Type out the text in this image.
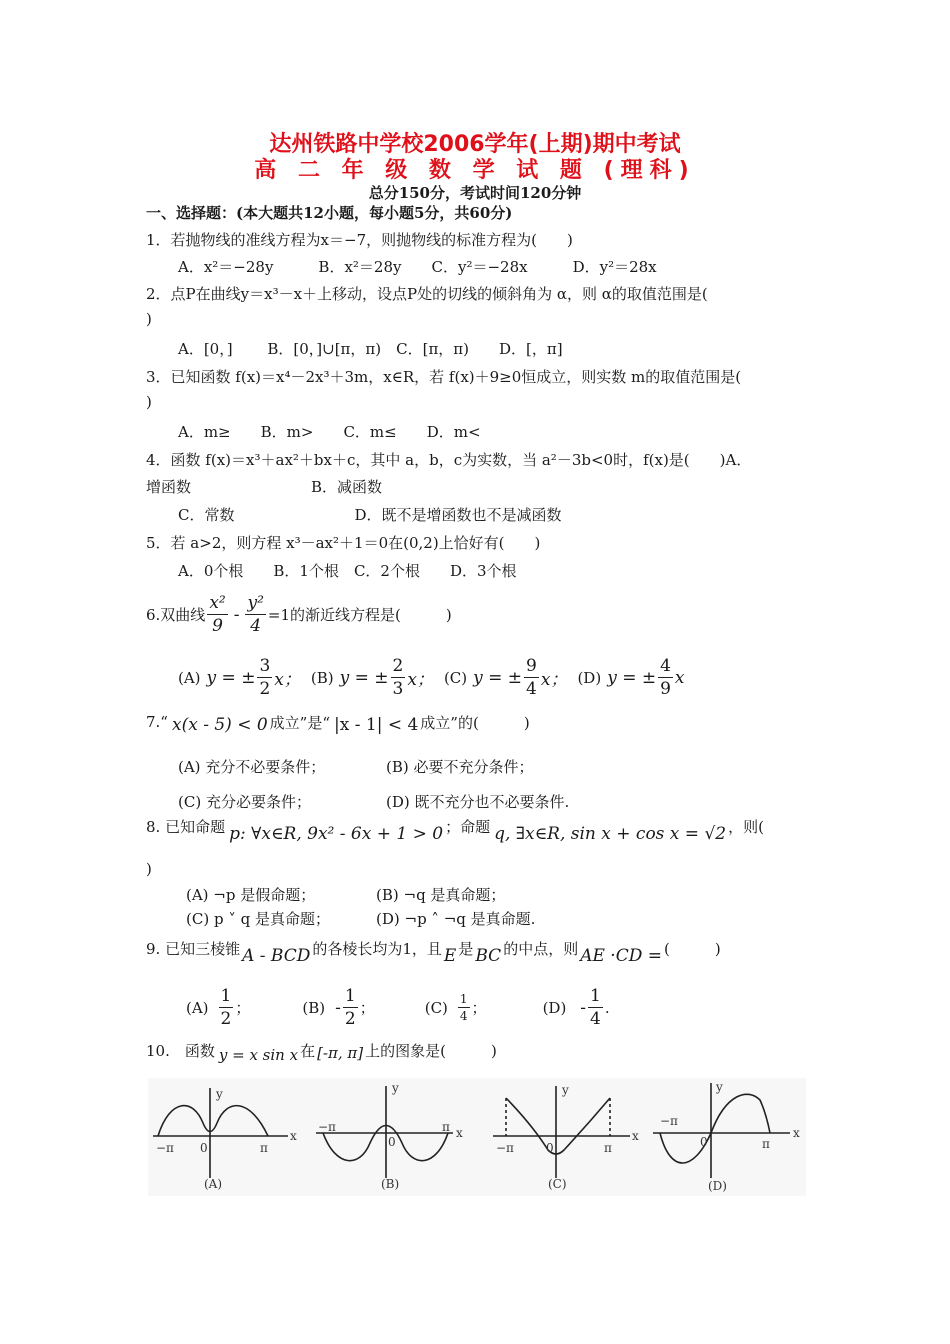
达州铁路中学校2006学年(上期)期中考试
高 二 年 级 数 学 试 题 (理科)
总分150分，考试时间120分钟
一、选择题：(本大题共12小题，每小题5分，共60分)
1．若抛物线的准线方程为x＝−7，则抛物线的标准方程为(　　)
A．x²＝−28y　　　B．x²＝28y　　C．y²＝−28x　　　D．y²＝28x
2．点P在曲线y＝x³－x＋上移动，设点P处的切线的倾斜角为 α，则 α的取值范围是(
)
A．[0，]　　 B．[0，]∪[π，π)　C．[π，π)　　D．[，π]
3．已知函数 f(x)＝x⁴－2x³＋3m，x∈R，若 f(x)＋9≥0恒成立，则实数 m的取值范围是(
)
A．m≥　　B．m>　　C．m≤　　D．m<
4．函数 f(x)＝x³＋ax²＋bx＋c，其中 a，b，c为实数，当 a²－3b<0时，f(x)是(　　)A．
增函数　　　　　　　　B．减函数
C．常数　　　　　　　　D．既不是增函数也不是减函数
5．若 a>2，则方程 x³－ax²＋1＝0在(0,2)上恰好有(　　)
A．0个根　　B．1个根　C．2个根　　D．3个根
6.双曲线 $\frac{\text{x²}}{9} - \frac{\text{y²}}{4} =1$的渐近线方程是(　　　)
(A) y = ± $\frac{3}{2}$ x； (B) y = ± $\frac{2}{3}$ x； (C) y = ± $\frac{9}{4}$ x； (D) y = ± $\frac{4}{9}$ x
7.“ x(x - 5) < 0 成立”是“ |x - 1| < 4 成立”的(　　　)
(A) 充分不必要条件；	(B) 必要不充分条件；
(C) 充分必要条件；	(D) 既不充分也不必要条件.
8. 已知命题 p: ∀x∈R, 9x² - 6x + 1 > 0 ；命题 q, ∃x∈R, sin x + cos x = √2 ，则(
)
(A) ¬p 是假命题；	(B) ¬q 是真命题；
(C) p ˅ q 是真命题；	(D) ¬p ˄ ¬q 是真命题.
9. 已知三棱锥 A - BCD 的各棱长均为1，且 E 是 BC 的中点，则 AE ·CD = (　　　)
$(A) \frac{1}{2}$ ；	$(B) - \frac{1}{2}$ ；	$(C) \frac{1}{4}$ ；	$(D) - \frac{1}{4}$ .
10.　函数 y = x sin x 在 [-π, π] 上的图象是(　　　)
−π	π
0
x
y
(A)
−π	π
0
x
y
(B)
−π	π
0
x
y
(C)
−π
π
0
x
y
(D)
